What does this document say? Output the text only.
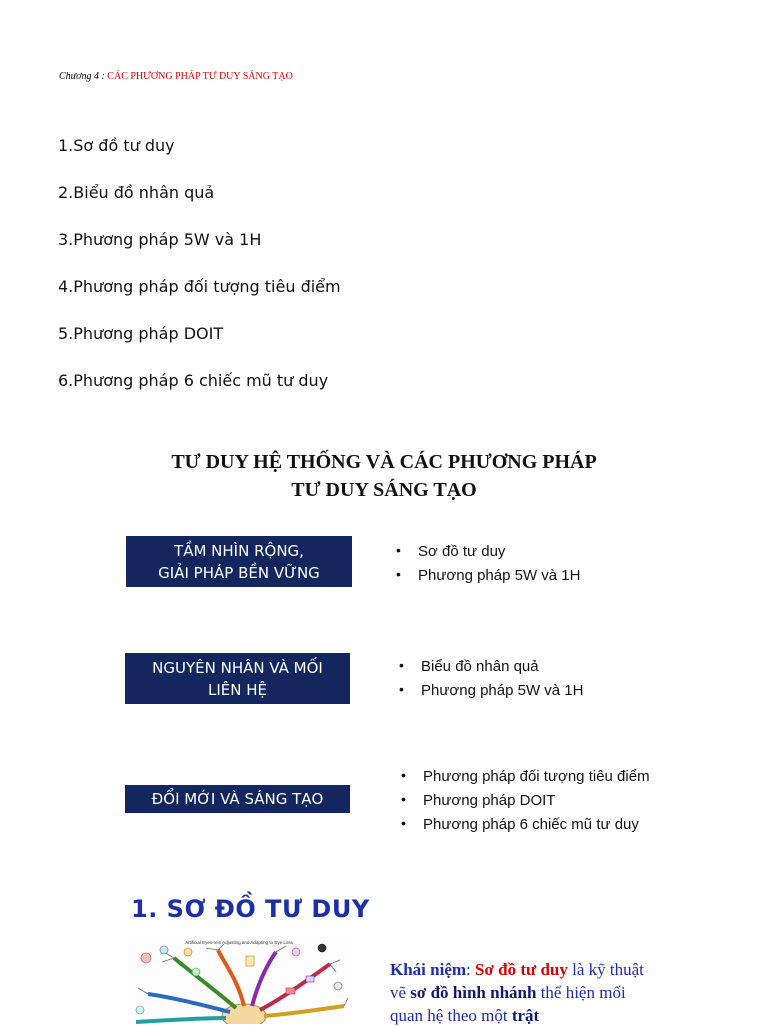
Chương 4 : CÁC PHƯƠNG PHÁP TƯ DUY SÁNG TẠO
1.Sơ đồ tư duy
2.Biểu đồ nhân quả
3.Phương pháp 5W và 1H
4.Phương pháp đối tượng tiêu điểm
5.Phương pháp DOIT
6.Phương pháp 6 chiếc mũ tư duy
TƯ DUY HỆ THỐNG VÀ CÁC PHƯƠNG PHÁP
TƯ DUY SÁNG TẠO
TẦM NHÌN RỘNG,
GIẢI PHÁP BỀN VỮNG
• Sơ đồ tư duy
• Phương pháp 5W và 1H
NGUYÊN NHÂN VÀ MỐI
LIÊN HỆ
• Biểu đồ nhân quả
• Phương pháp 5W và 1H
ĐỔI MỚI VÀ SÁNG TẠO
• Phương pháp đối tượng tiêu điểm
• Phương pháp DOIT
• Phương pháp 6 chiếc mũ tư duy
1. SƠ ĐỒ TƯ DUY
Artificial Eyes-rein Adjusting and Adapting to Eye Loss
Khái niệm: Sơ đồ tư duy là kỹ thuật vẽ sơ đồ hình nhánh thể hiện mối quan hệ theo một trật
